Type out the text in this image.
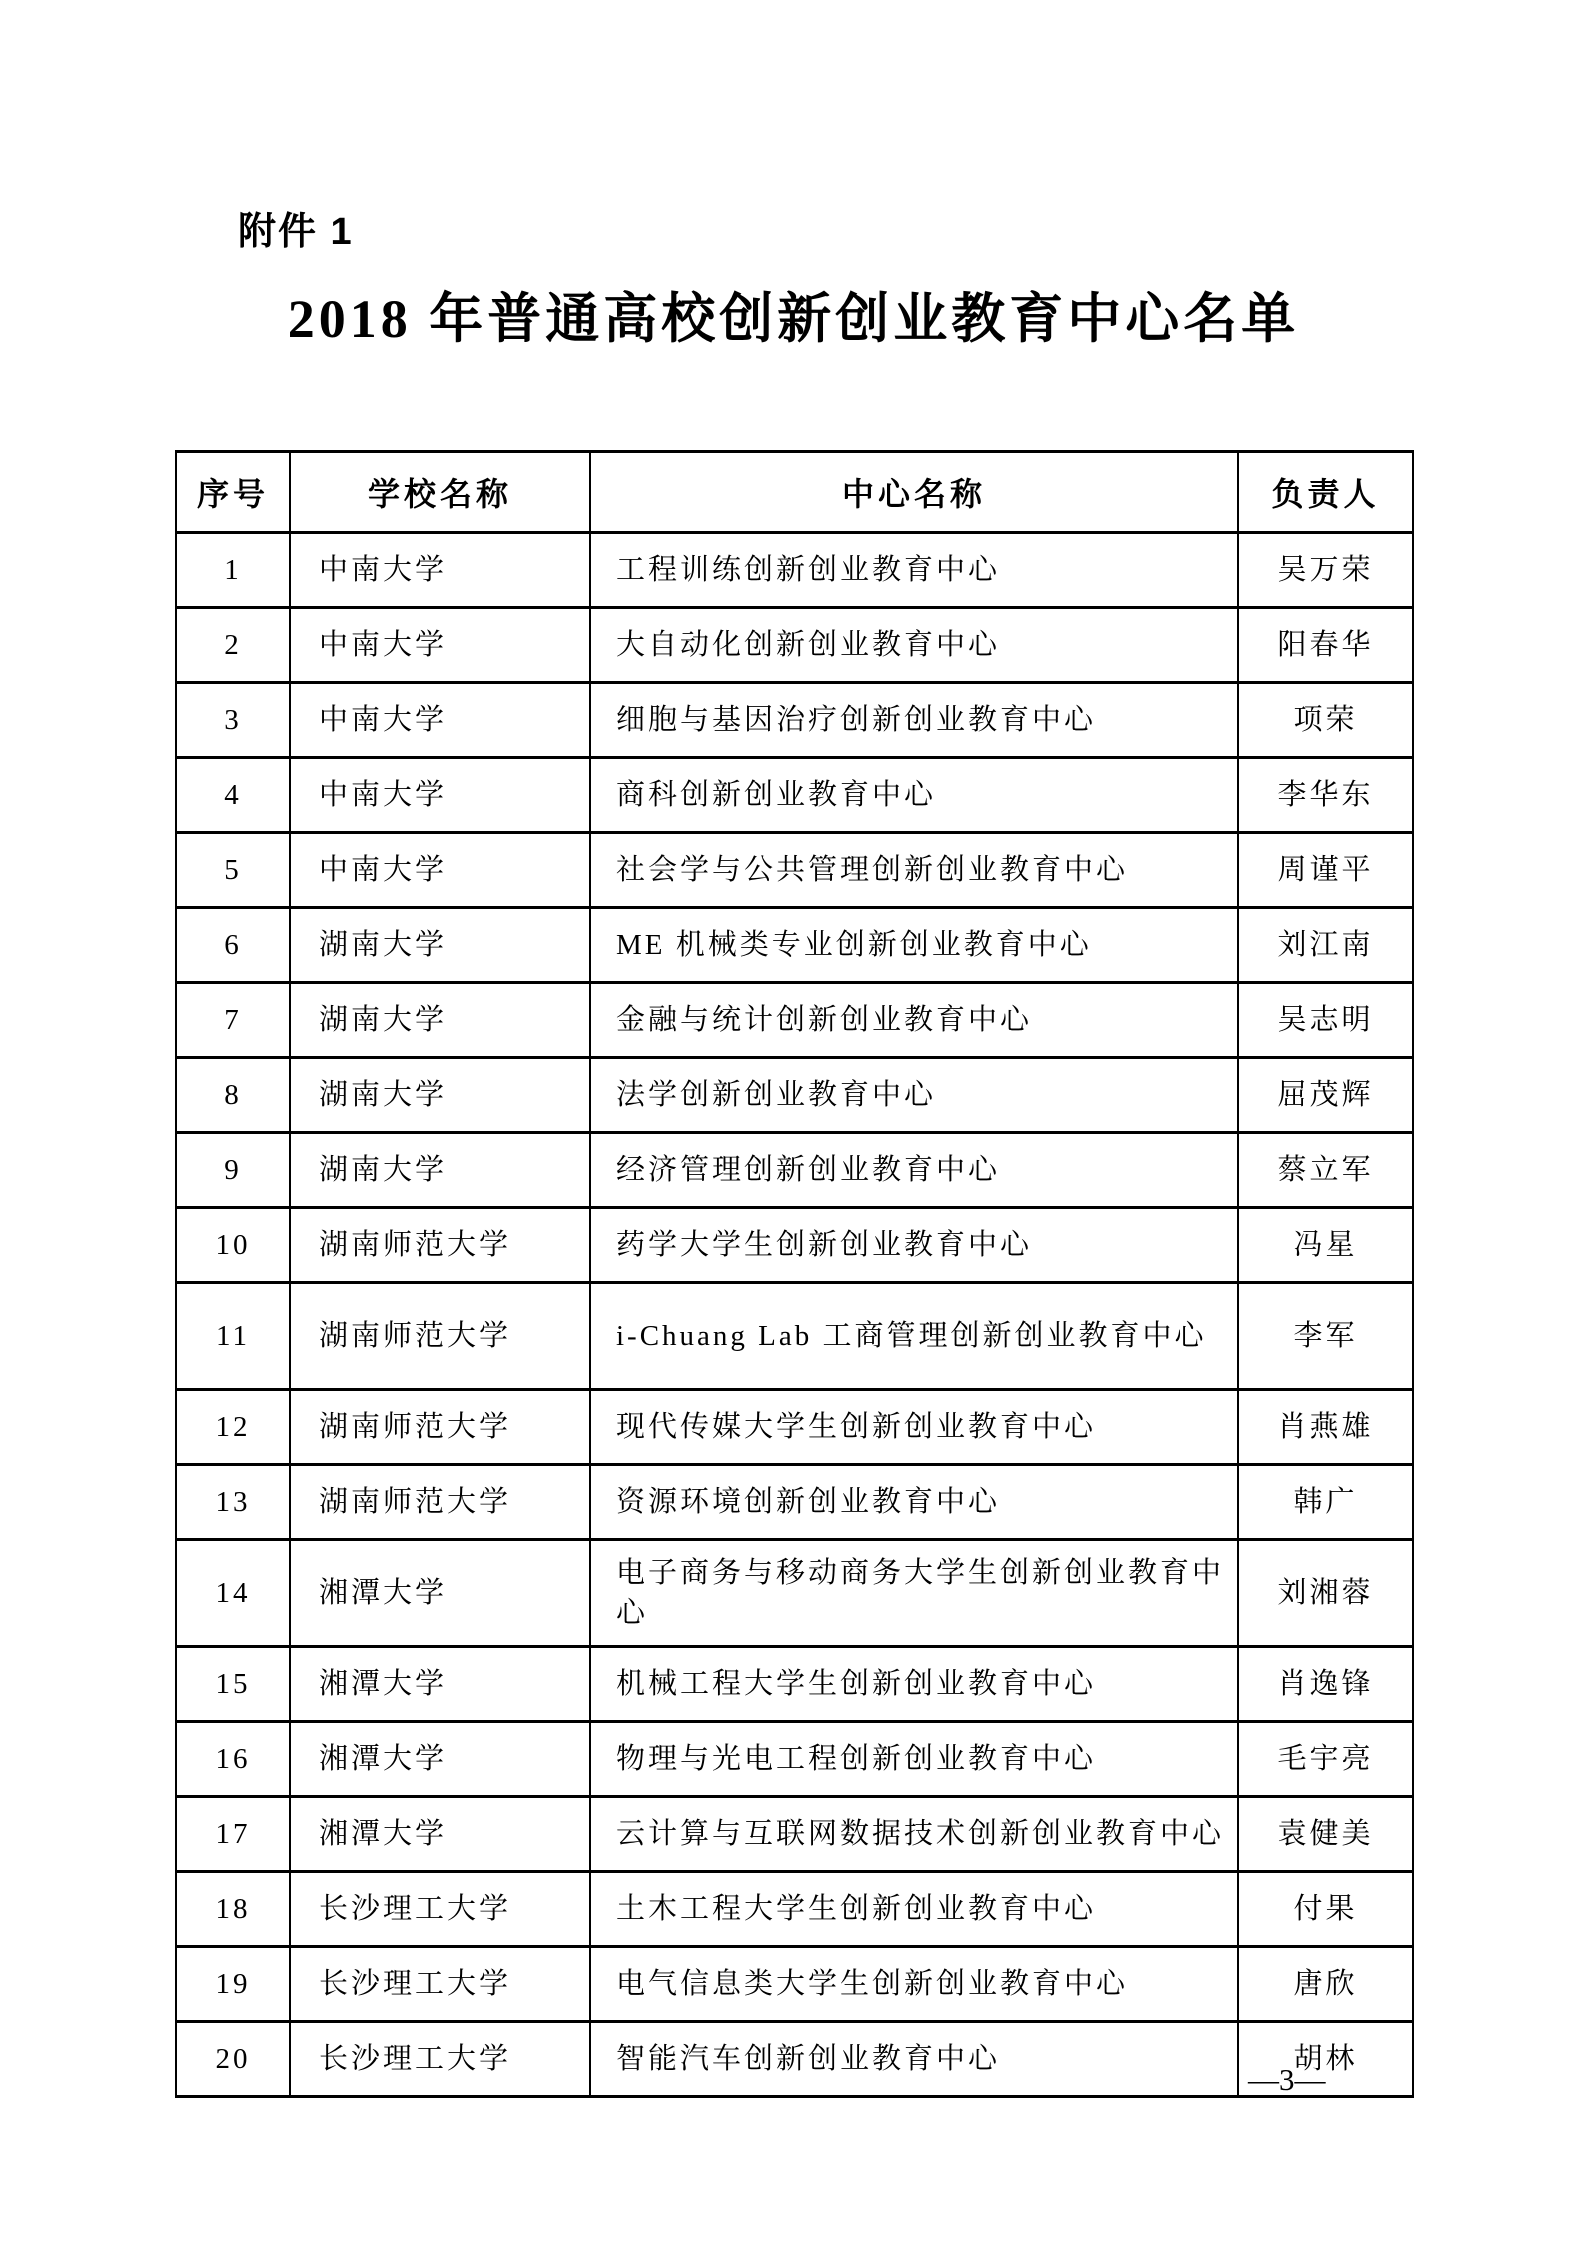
附件 1
2018 年普通高校创新创业教育中心名单
序号	学校名称	中心名称	负责人
1	中南大学	工程训练创新创业教育中心	吴万荣
2	中南大学	大自动化创新创业教育中心	阳春华
3	中南大学	细胞与基因治疗创新创业教育中心	项荣
4	中南大学	商科创新创业教育中心	李华东
5	中南大学	社会学与公共管理创新创业教育中心	周谨平
6	湖南大学	ME 机械类专业创新创业教育中心	刘江南
7	湖南大学	金融与统计创新创业教育中心	吴志明
8	湖南大学	法学创新创业教育中心	屈茂辉
9	湖南大学	经济管理创新创业教育中心	蔡立军
10	湖南师范大学	药学大学生创新创业教育中心	冯星
11	湖南师范大学	i-Chuang Lab 工商管理创新创业教育中心	李军
12	湖南师范大学	现代传媒大学生创新创业教育中心	肖燕雄
13	湖南师范大学	资源环境创新创业教育中心	韩广
14	湘潭大学	电子商务与移动商务大学生创新创业教育中心	刘湘蓉
15	湘潭大学	机械工程大学生创新创业教育中心	肖逸锋
16	湘潭大学	物理与光电工程创新创业教育中心	毛宇亮
17	湘潭大学	云计算与互联网数据技术创新创业教育中心	袁健美
18	长沙理工大学	土木工程大学生创新创业教育中心	付果
19	长沙理工大学	电气信息类大学生创新创业教育中心	唐欣
20	长沙理工大学	智能汽车创新创业教育中心	胡林
—3—
